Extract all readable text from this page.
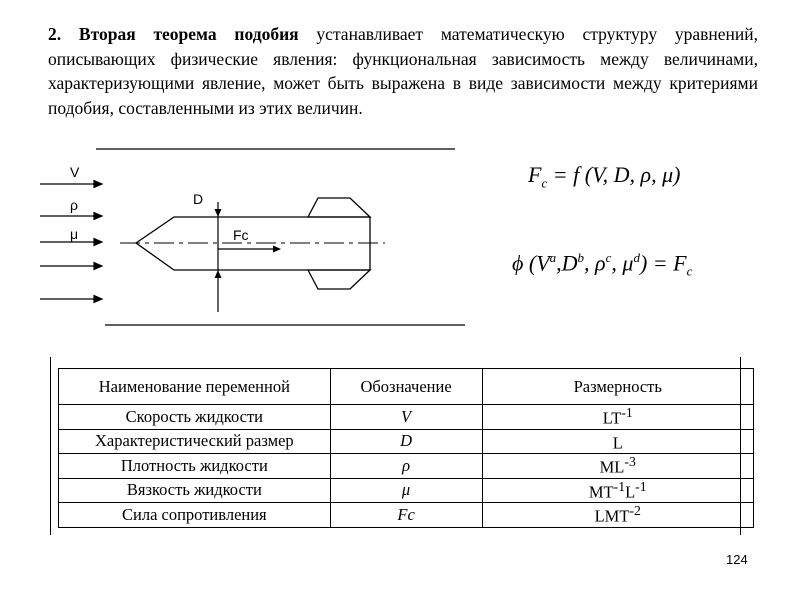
2. Вторая теорема подобия устанавливает математическую структуру уравнений, описывающих физические явления: функциональная зависимость между величинами, характеризующими явление, может быть выражена в виде зависимости между критериями подобия, составленными из этих величин.
V
ρ
μ
D
Fc
$F_c = f$ (V, D, ρ, μ)
ϕ ($V^a,D^b$, $\rho^c$, $\mu^d) = F_c$
Наименование переменной	Обозначение	Размерность
Скорость жидкости	V	$LT^{-1}$
Характеристический размер	D	L
Плотность жидкости	ρ	$ML^{-3}$
Вязкость жидкости	μ	$MT^{-1}L^{-1}$
Сила сопротивления	Fc	$LMT^{-2}$
124
